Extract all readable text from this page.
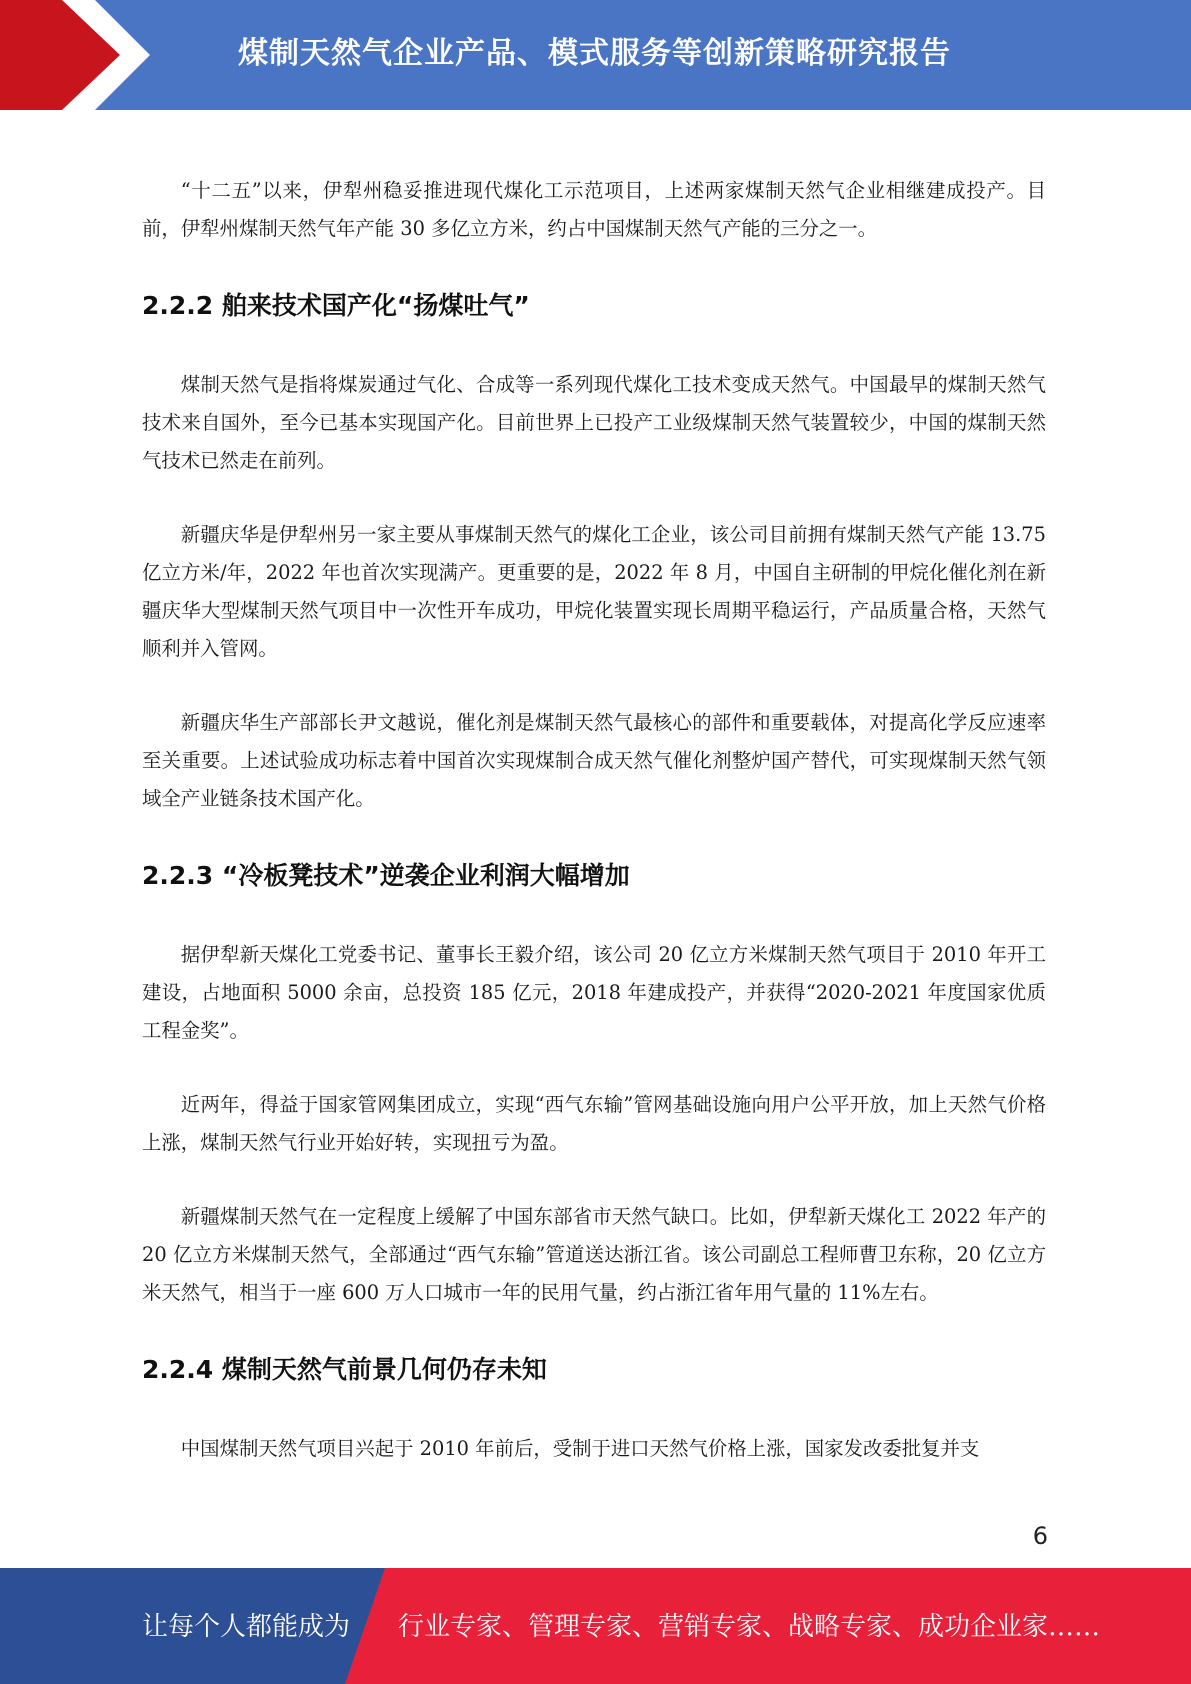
煤制天然气企业产品、模式服务等创新策略研究报告

“十二五”以来，伊犁州稳妥推进现代煤化工示范项目，上述两家煤制天然气企业相继建成投产。目前，伊犁州煤制天然气年产能 30 多亿立方米，约占中国煤制天然气产能的三分之一。

2.2.2 舶来技术国产化“扬煤吐气”

煤制天然气是指将煤炭通过气化、合成等一系列现代煤化工技术变成天然气。中国最早的煤制天然气技术来自国外，至今已基本实现国产化。目前世界上已投产工业级煤制天然气装置较少，中国的煤制天然气技术已然走在前列。

新疆庆华是伊犁州另一家主要从事煤制天然气的煤化工企业，该公司目前拥有煤制天然气产能 13.75 亿立方米/年，2022 年也首次实现满产。更重要的是，2022 年 8 月，中国自主研制的甲烷化催化剂在新疆庆华大型煤制天然气项目中一次性开车成功，甲烷化装置实现长周期平稳运行，产品质量合格，天然气顺利并入管网。

新疆庆华生产部部长尹文越说，催化剂是煤制天然气最核心的部件和重要载体，对提高化学反应速率至关重要。上述试验成功标志着中国首次实现煤制合成天然气催化剂整炉国产替代，可实现煤制天然气领域全产业链条技术国产化。

2.2.3 “冷板凳技术”逆袭企业利润大幅增加

据伊犁新天煤化工党委书记、董事长王毅介绍，该公司 20 亿立方米煤制天然气项目于 2010 年开工建设，占地面积 5000 余亩，总投资 185 亿元，2018 年建成投产，并获得“2020-2021 年度国家优质工程金奖”。

近两年，得益于国家管网集团成立，实现“西气东输”管网基础设施向用户公平开放，加上天然气价格上涨，煤制天然气行业开始好转，实现扭亏为盈。

新疆煤制天然气在一定程度上缓解了中国东部省市天然气缺口。比如，伊犁新天煤化工 2022 年产的 20 亿立方米煤制天然气，全部通过“西气东输”管道送达浙江省。该公司副总工程师曹卫东称，20 亿立方米天然气，相当于一座 600 万人口城市一年的民用气量，约占浙江省年用气量的 11%左右。

2.2.4 煤制天然气前景几何仍存未知

中国煤制天然气项目兴起于 2010 年前后，受制于进口天然气价格上涨，国家发改委批复并支

6
让每个人都能成为 行业专家、管理专家、营销专家、战略专家、成功企业家……
